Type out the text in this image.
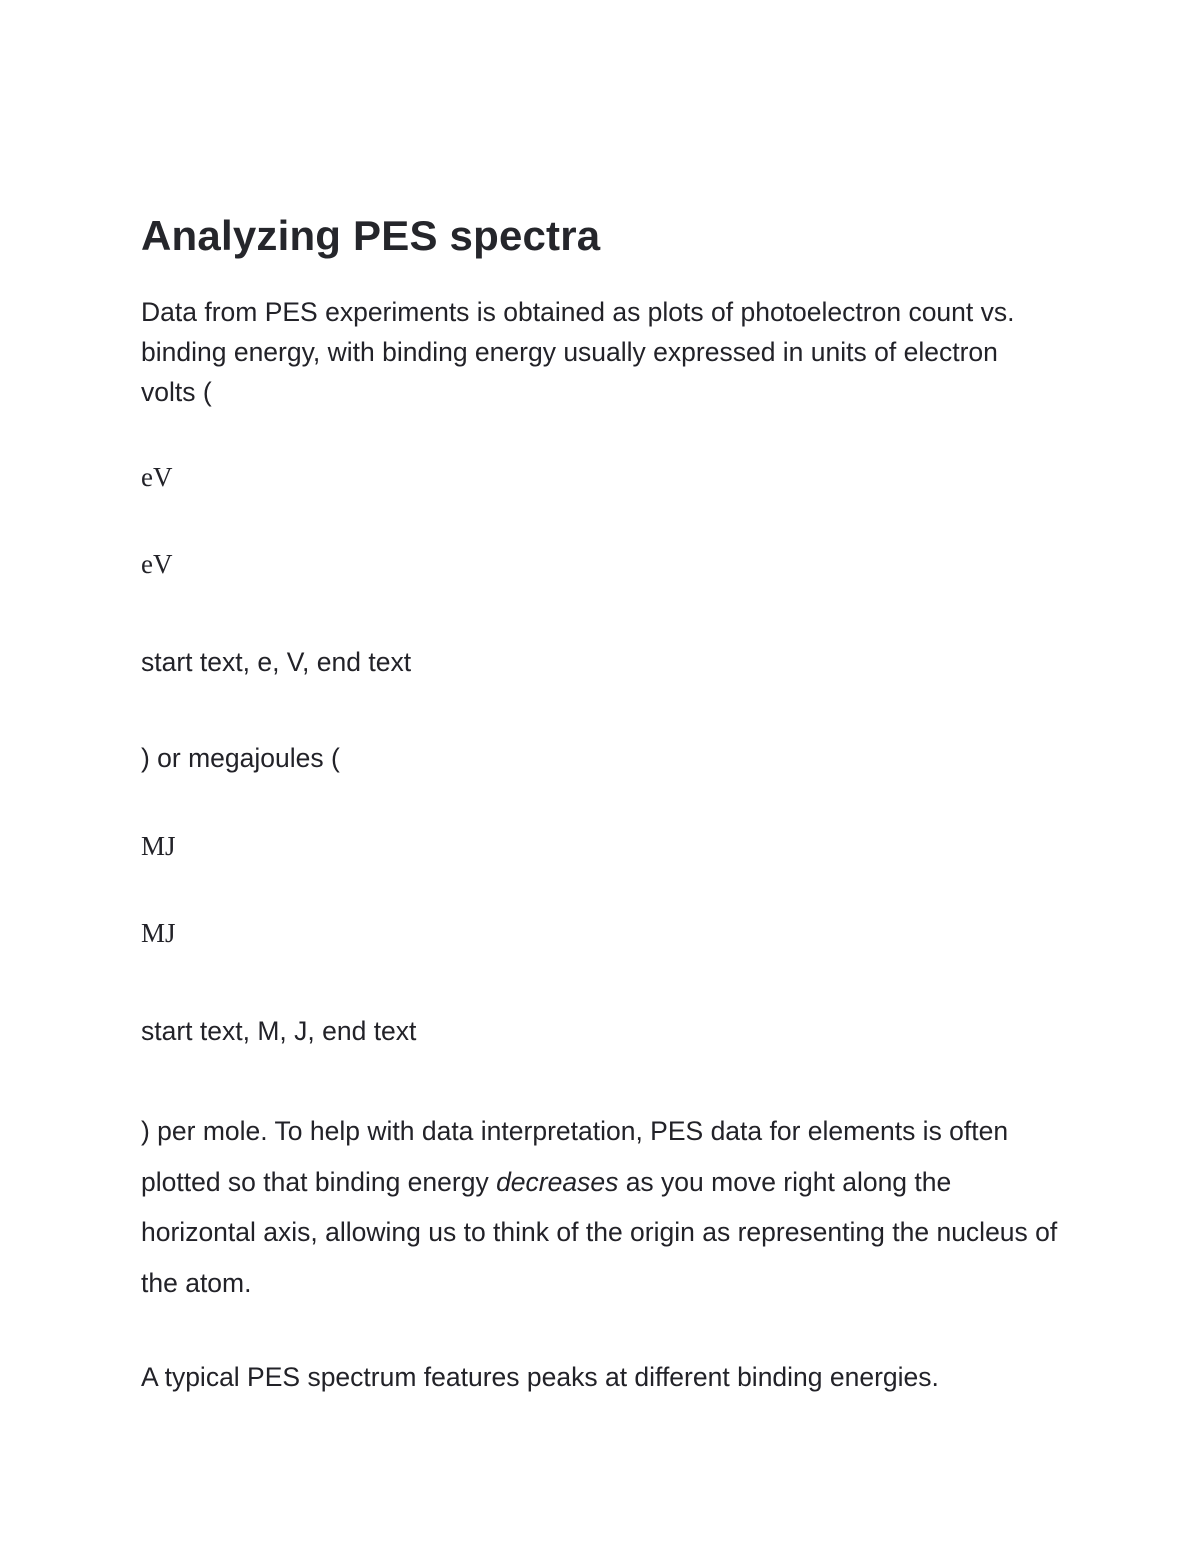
Analyzing PES spectra

Data from PES experiments is obtained as plots of photoelectron count vs. binding energy, with binding energy usually expressed in units of electron volts (

eV
eV
start text, e, V, end text
) or megajoules (
MJ
MJ
start text, M, J, end text

) per mole. To help with data interpretation, PES data for elements is often plotted so that binding energy decreases as you move right along the horizontal axis, allowing us to think of the origin as representing the nucleus of the atom.

A typical PES spectrum features peaks at different binding energies.
